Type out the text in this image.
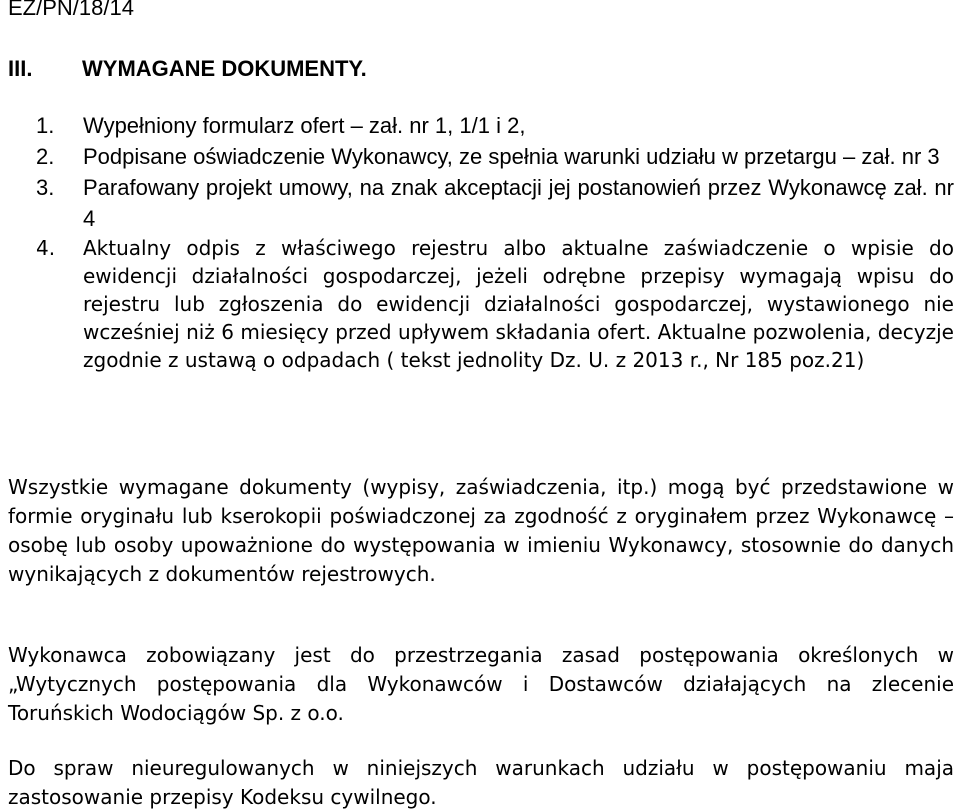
EZ/PN/18/14
III. WYMAGANE DOKUMENTY.
1. Wypełniony formularz ofert – zał. nr 1, 1/1 i 2,
2. Podpisane oświadczenie Wykonawcy, ze spełnia warunki udziału w przetargu – zał. nr 3
3. Parafowany projekt umowy, na znak akceptacji jej postanowień przez Wykonawcę zał. nr 4
4. Aktualny odpis z właściwego rejestru albo aktualne zaświadczenie o wpisie do ewidencji działalności gospodarczej, jeżeli odrębne przepisy wymagają wpisu do rejestru lub zgłoszenia do ewidencji działalności gospodarczej, wystawionego nie wcześniej niż 6 miesięcy przed upływem składania ofert. Aktualne pozwolenia, decyzje zgodnie z ustawą o odpadach ( tekst jednolity Dz. U. z 2013 r., Nr 185 poz.21)

Wszystkie wymagane dokumenty (wypisy, zaświadczenia, itp.) mogą być przedstawione w formie oryginału lub kserokopii poświadczonej za zgodność z oryginałem przez Wykonawcę – osobę lub osoby upoważnione do występowania w imieniu Wykonawcy, stosownie do danych wynikających z dokumentów rejestrowych.

Wykonawca zobowiązany jest do przestrzegania zasad postępowania określonych w „Wytycznych postępowania dla Wykonawców i Dostawców działających na zlecenie Toruńskich Wodociągów Sp. z o.o.

Do spraw nieuregulowanych w niniejszych warunkach udziału w postępowaniu maja zastosowanie przepisy Kodeksu cywilnego.
